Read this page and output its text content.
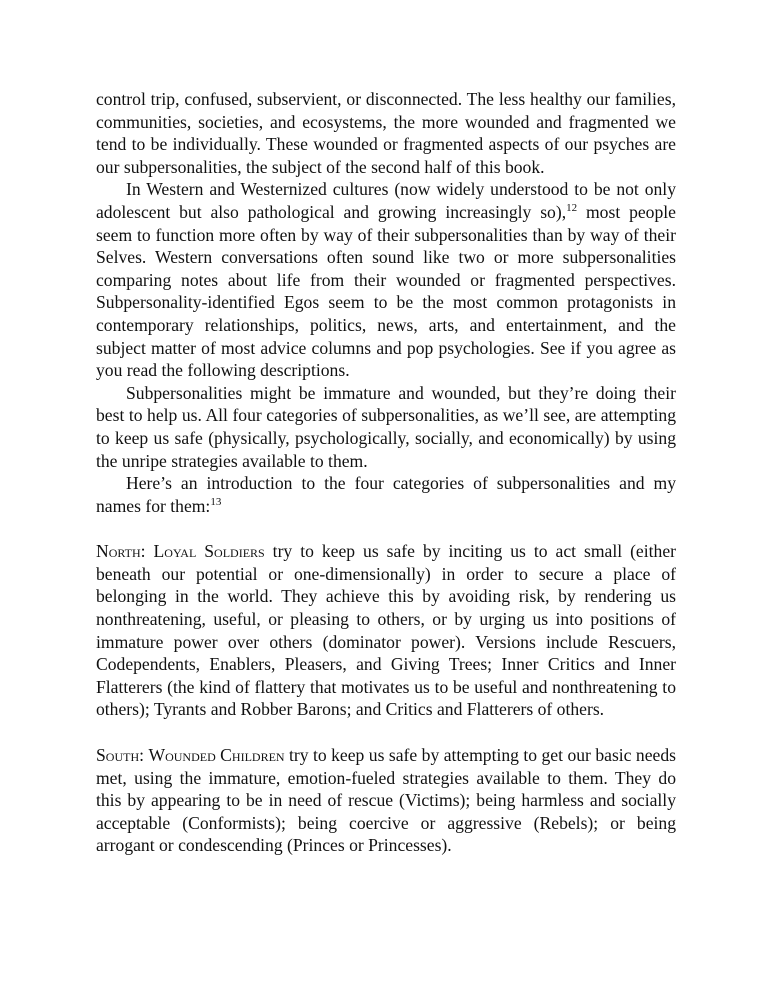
control trip, confused, subservient, or disconnected. The less healthy our families, communities, societies, and ecosystems, the more wounded and fragmented we tend to be individually. These wounded or fragmented aspects of our psyches are our subpersonalities, the subject of the second half of this book.

In Western and Westernized cultures (now widely understood to be not only adolescent but also pathological and growing increasingly so),$^{12}$ most people seem to function more often by way of their subpersonalities than by way of their Selves. Western conversations often sound like two or more subpersonalities comparing notes about life from their wounded or fragmented perspectives. Subpersonality-identified Egos seem to be the most common protagonists in contemporary relationships, politics, news, arts, and entertainment, and the subject matter of most advice columns and pop psychologies. See if you agree as you read the following descriptions.

Subpersonalities might be immature and wounded, but they’re doing their best to help us. All four categories of subpersonalities, as we’ll see, are attempting to keep us safe (physically, psychologically, socially, and economically) by using the unripe strategies available to them.

Here’s an introduction to the four categories of subpersonalities and my names for them:$^{13}$

North: Loyal Soldiers try to keep us safe by inciting us to act small (either beneath our potential or one-dimensionally) in order to secure a place of belonging in the world. They achieve this by avoiding risk, by rendering us nonthreatening, useful, or pleasing to others, or by urging us into positions of immature power over others (dominator power). Versions include Rescuers, Codependents, Enablers, Pleasers, and Giving Trees; Inner Critics and Inner Flatterers (the kind of flattery that motivates us to be useful and nonthreatening to others); Tyrants and Robber Barons; and Critics and Flatterers of others.

South: Wounded Children try to keep us safe by attempting to get our basic needs met, using the immature, emotion-fueled strategies available to them. They do this by appearing to be in need of rescue (Victims); being harmless and socially acceptable (Conformists); being coercive or aggressive (Rebels); or being arrogant or condescending (Princes or Princesses).
